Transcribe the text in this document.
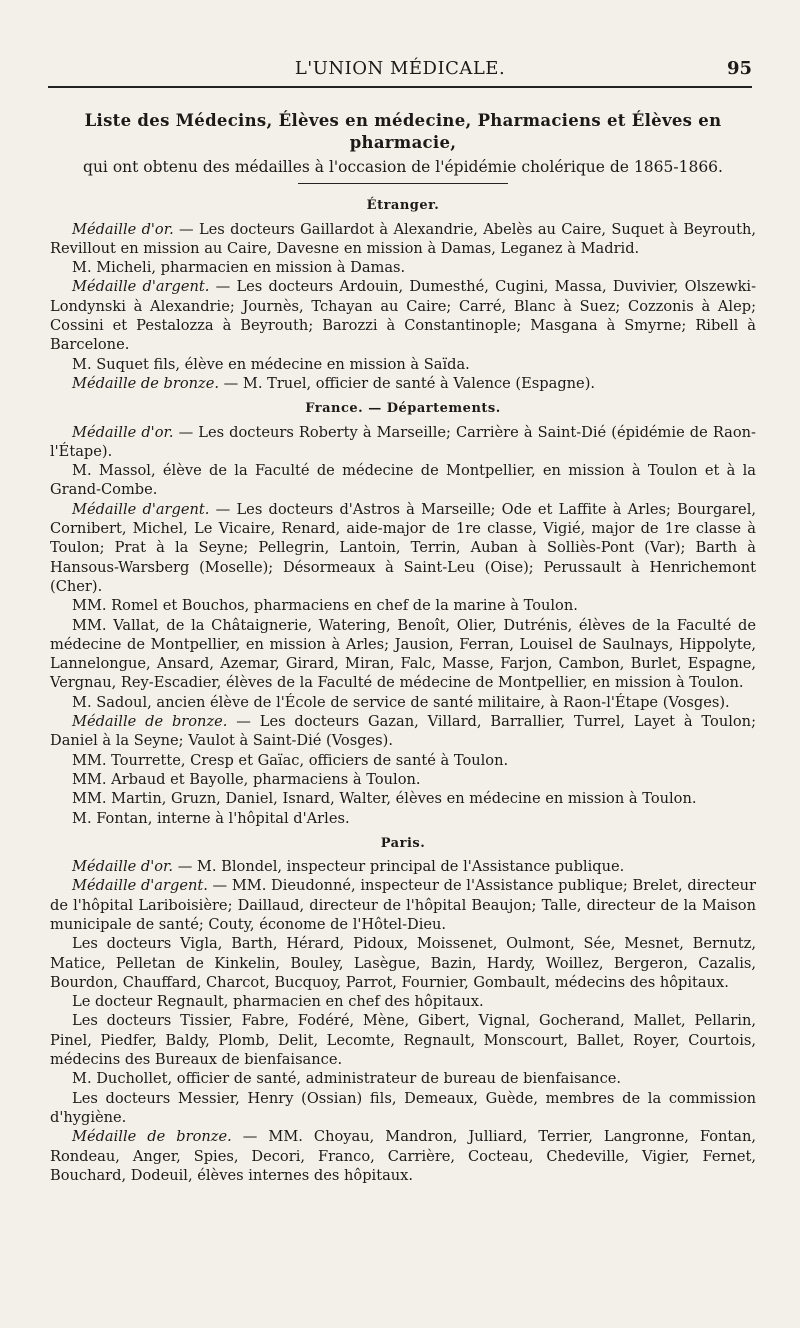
L'UNION MÉDICALE.	95
Liste des Médecins, Élèves en médecine, Pharmaciens et Élèves en pharmacie,
qui ont obtenu des médailles à l'occasion de l'épidémie cholérique de 1865-1866.
Étranger.

Médaille d'or. — Les docteurs Gaillardot à Alexandrie, Abelès au Caire, Suquet à Beyrouth, Revillout en mission au Caire, Davesne en mission à Damas, Leganez à Madrid.

M. Micheli, pharmacien en mission à Damas.

Médaille d'argent. — Les docteurs Ardouin, Dumesthé, Cugini, Massa, Duvivier, Olszewki-Londynski à Alexandrie; Journès, Tchayan au Caire; Carré, Blanc à Suez; Cozzonis à Alep; Cossini et Pestalozza à Beyrouth; Barozzi à Constantinople; Masgana à Smyrne; Ribell à Barcelone.

M. Suquet fils, élève en médecine en mission à Saïda.

Médaille de bronze. — M. Truel, officier de santé à Valence (Espagne).

France. — Départements.

Médaille d'or. — Les docteurs Roberty à Marseille; Carrière à Saint-Dié (épidémie de Raon-l'Étape).

M. Massol, élève de la Faculté de médecine de Montpellier, en mission à Toulon et à la Grand-Combe.

Médaille d'argent. — Les docteurs d'Astros à Marseille; Ode et Laffite à Arles; Bourgarel, Cornibert, Michel, Le Vicaire, Renard, aide-major de 1re classe, Vigié, major de 1re classe à Toulon; Prat à la Seyne; Pellegrin, Lantoin, Terrin, Auban à Solliès-Pont (Var); Barth à Hansous-Warsberg (Moselle); Désormeaux à Saint-Leu (Oise); Perussault à Henrichemont (Cher).

MM. Romel et Bouchos, pharmaciens en chef de la marine à Toulon.

MM. Vallat, de la Châtaignerie, Watering, Benoît, Olier, Dutrénis, élèves de la Faculté de médecine de Montpellier, en mission à Arles; Jausion, Ferran, Louisel de Saulnays, Hippolyte, Lannelongue, Ansard, Azemar, Girard, Miran, Falc, Masse, Farjon, Cambon, Burlet, Espagne, Vergnau, Rey-Escadier, élèves de la Faculté de médecine de Montpellier, en mission à Toulon.

M. Sadoul, ancien élève de l'École de service de santé militaire, à Raon-l'Étape (Vosges).

Médaille de bronze. — Les docteurs Gazan, Villard, Barrallier, Turrel, Layet à Toulon; Daniel à la Seyne; Vaulot à Saint-Dié (Vosges).

MM. Tourrette, Cresp et Gaïac, officiers de santé à Toulon.

MM. Arbaud et Bayolle, pharmaciens à Toulon.

MM. Martin, Gruzn, Daniel, Isnard, Walter, élèves en médecine en mission à Toulon.

M. Fontan, interne à l'hôpital d'Arles.

Paris.

Médaille d'or. — M. Blondel, inspecteur principal de l'Assistance publique.

Médaille d'argent. — MM. Dieudonné, inspecteur de l'Assistance publique; Brelet, directeur de l'hôpital Lariboisière; Daillaud, directeur de l'hôpital Beaujon; Talle, directeur de la Maison municipale de santé; Couty, économe de l'Hôtel-Dieu.

Les docteurs Vigla, Barth, Hérard, Pidoux, Moissenet, Oulmont, Sée, Mesnet, Bernutz, Matice, Pelletan de Kinkelin, Bouley, Lasègue, Bazin, Hardy, Woillez, Bergeron, Cazalis, Bourdon, Chauffard, Charcot, Bucquoy, Parrot, Fournier, Gombault, médecins des hôpitaux.

Le docteur Regnault, pharmacien en chef des hôpitaux.

Les docteurs Tissier, Fabre, Fodéré, Mène, Gibert, Vignal, Gocherand, Mallet, Pellarin, Pinel, Piedfer, Baldy, Plomb, Delit, Lecomte, Regnault, Monscourt, Ballet, Royer, Courtois, médecins des Bureaux de bienfaisance.

M. Duchollet, officier de santé, administrateur de bureau de bienfaisance.

Les docteurs Messier, Henry (Ossian) fils, Demeaux, Guède, membres de la commission d'hygiène.

Médaille de bronze. — MM. Choyau, Mandron, Julliard, Terrier, Langronne, Fontan, Rondeau, Anger, Spies, Decori, Franco, Carrière, Cocteau, Chedeville, Vigier, Fernet, Bouchard, Dodeuil, élèves internes des hôpitaux.
